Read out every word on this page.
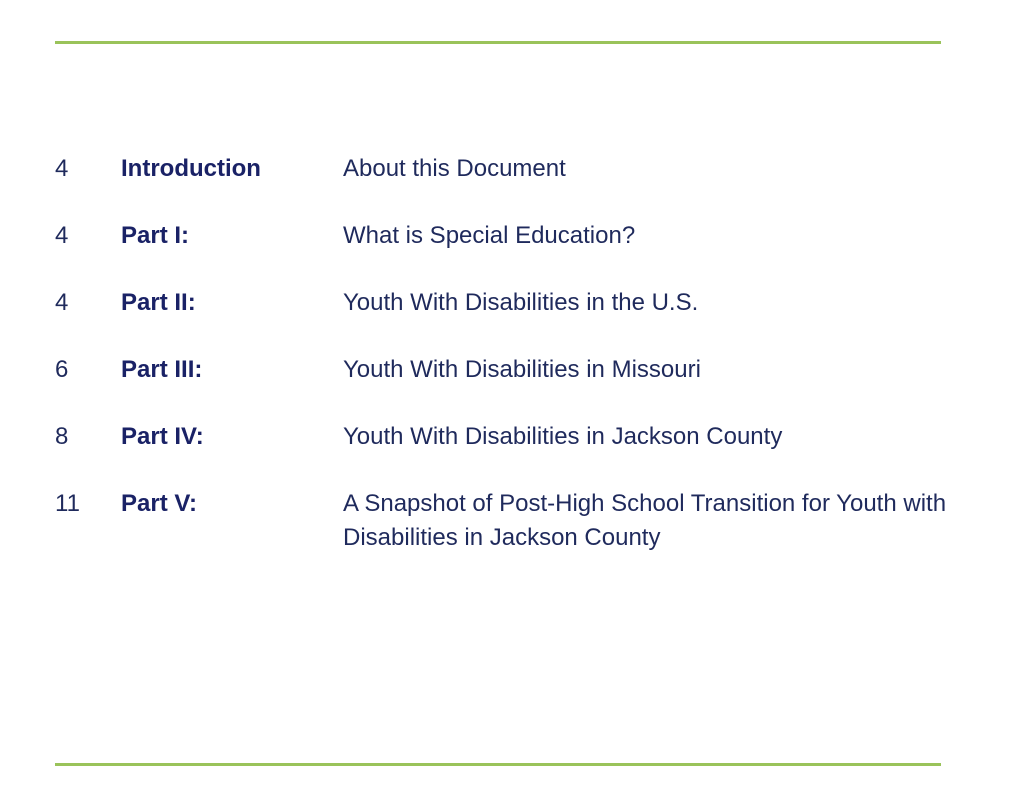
4 Introduction	About this Document
4 Part I:	What is Special Education?
4 Part II:	Youth With Disabilities in the U.S.
6 Part III:	Youth With Disabilities in Missouri
8 Part IV:	Youth With Disabilities in Jackson County
11 Part V:	A Snapshot of Post-High School Transition for Youth with Disabilities in Jackson County
